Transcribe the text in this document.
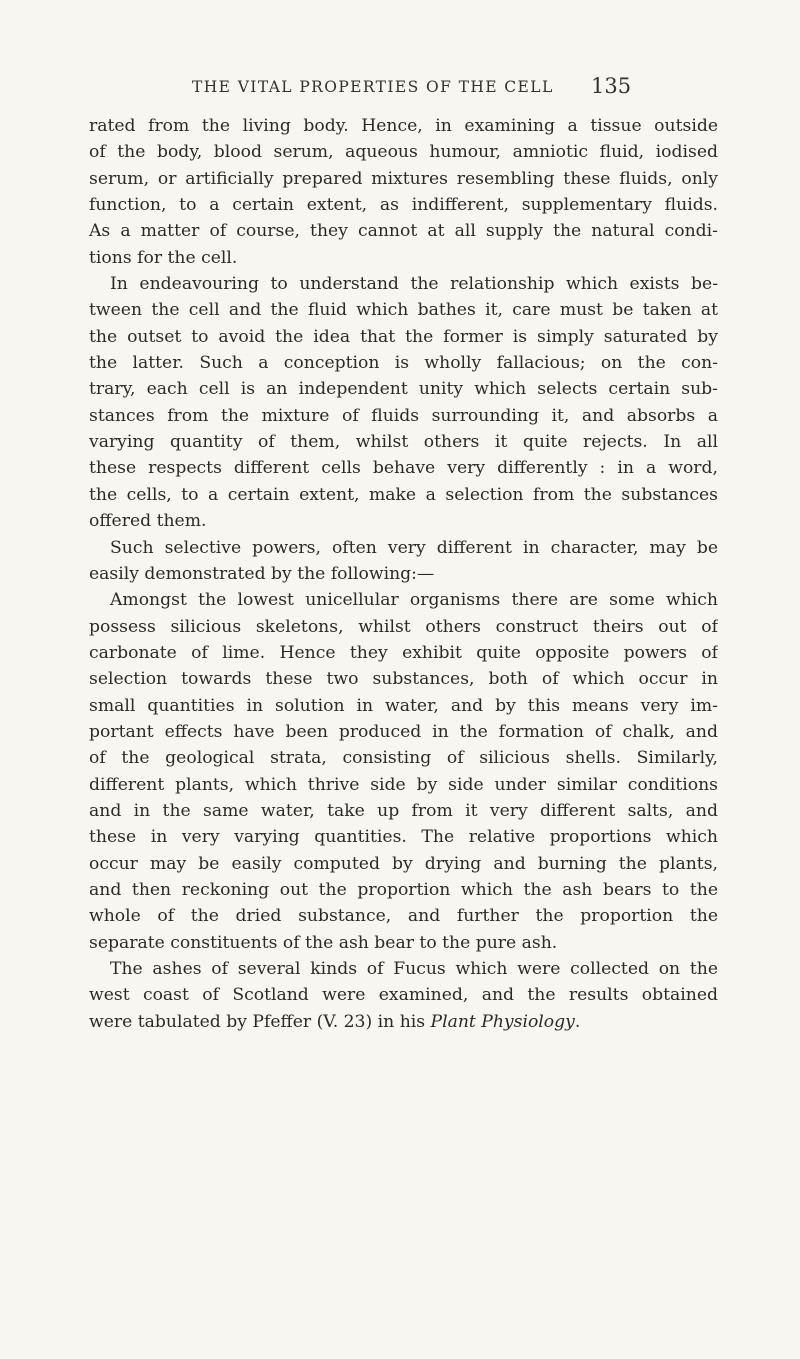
THE VITAL PROPERTIES OF THE CELL 135
rated from the living body. Hence, in examining a tissue outside
of the body, blood serum, aqueous humour, amniotic fluid, iodised
serum, or artificially prepared mixtures resembling these fluids, only
function, to a certain extent, as indifferent, supplementary fluids.
As a matter of course, they cannot at all supply the natural condi-
tions for the cell.
In endeavouring to understand the relationship which exists be-
tween the cell and the fluid which bathes it, care must be taken at
the outset to avoid the idea that the former is simply saturated by
the latter. Such a conception is wholly fallacious; on the con-
trary, each cell is an independent unity which selects certain sub-
stances from the mixture of fluids surrounding it, and absorbs a
varying quantity of them, whilst others it quite rejects. In all
these respects different cells behave very differently : in a word,
the cells, to a certain extent, make a selection from the substances
offered them.
Such selective powers, often very different in character, may be
easily demonstrated by the following:—
Amongst the lowest unicellular organisms there are some which
possess silicious skeletons, whilst others construct theirs out of
carbonate of lime. Hence they exhibit quite opposite powers of
selection towards these two substances, both of which occur in
small quantities in solution in water, and by this means very im-
portant effects have been produced in the formation of chalk, and
of the geological strata, consisting of silicious shells. Similarly,
different plants, which thrive side by side under similar conditions
and in the same water, take up from it very different salts, and
these in very varying quantities. The relative proportions which
occur may be easily computed by drying and burning the plants,
and then reckoning out the proportion which the ash bears to the
whole of the dried substance, and further the proportion the
separate constituents of the ash bear to the pure ash.
The ashes of several kinds of Fucus which were collected on the
west coast of Scotland were examined, and the results obtained
were tabulated by Pfeffer (V. 23) in his Plant Physiology.
